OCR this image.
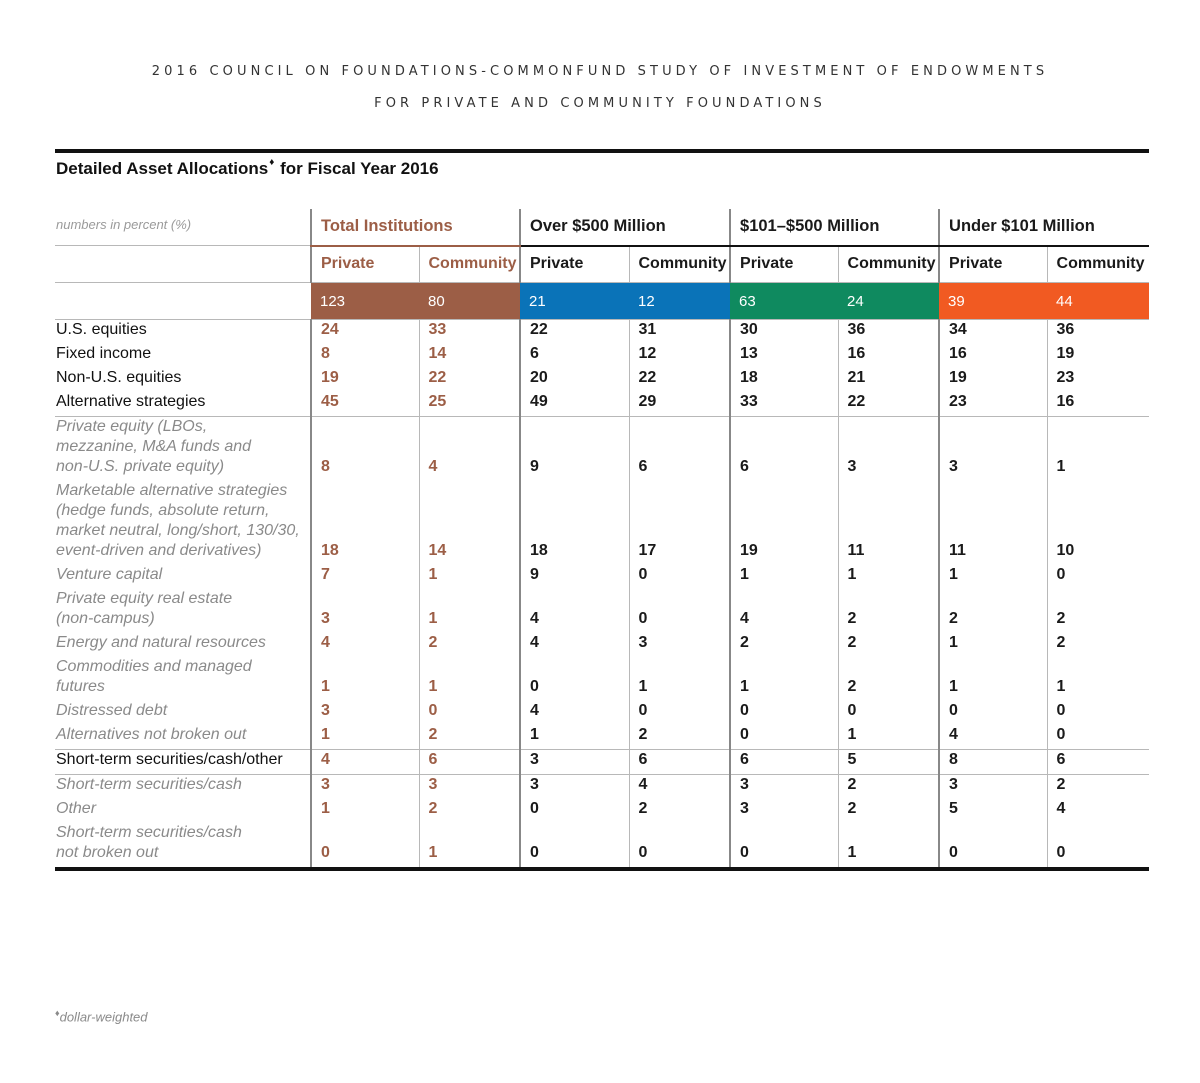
2016 COUNCIL ON FOUNDATIONS-COMMONFUND STUDY OF INVESTMENT OF ENDOWMENTS
FOR PRIVATE AND COMMUNITY FOUNDATIONS
Detailed Asset Allocations♦ for Fiscal Year 2016
numbers in percent (%)	Total Institutions		Over $500 Million		$101–$500 Million		Under $101 Million	
	Private	Community	Private	Community	Private	Community	Private	Community
	123	80	21	12	63	24	39	44
U.S. equities	24	33	22	31	30	36	34	36
Fixed income	8	14	6	12	13	16	16	19
Non-U.S. equities	19	22	20	22	18	21	19	23
Alternative strategies	45	25	49	29	33	22	23	16

Private equity (LBOs, mezzanine, M&A funds and non-U.S. private equity)	8	4	9	6	6	3	3	1

Marketable alternative strategies (hedge funds, absolute return, market neutral, long/short, 130/30, event-driven and derivatives)	18	14	18	17	19	11	11	10
Venture capital	7	1	9	0	1	1	1	0

Private equity real estate (non-campus)	3	1	4	0	4	2	2	2
Energy and natural resources	4	2	4	3	2	2	1	2

Commodities and managed futures	1	1	0	1	1	2	1	1
Distressed debt	3	0	4	0	0	0	0	0
Alternatives not broken out	1	2	1	2	0	1	4	0
Short-term securities/cash/other	4	6	3	6	6	5	8	6
Short-term securities/cash	3	3	3	4	3	2	3	2
Other	1	2	0	2	3	2	5	4

Short-term securities/cash not broken out	0	1	0	0	0	1	0	0
♦dollar-weighted
